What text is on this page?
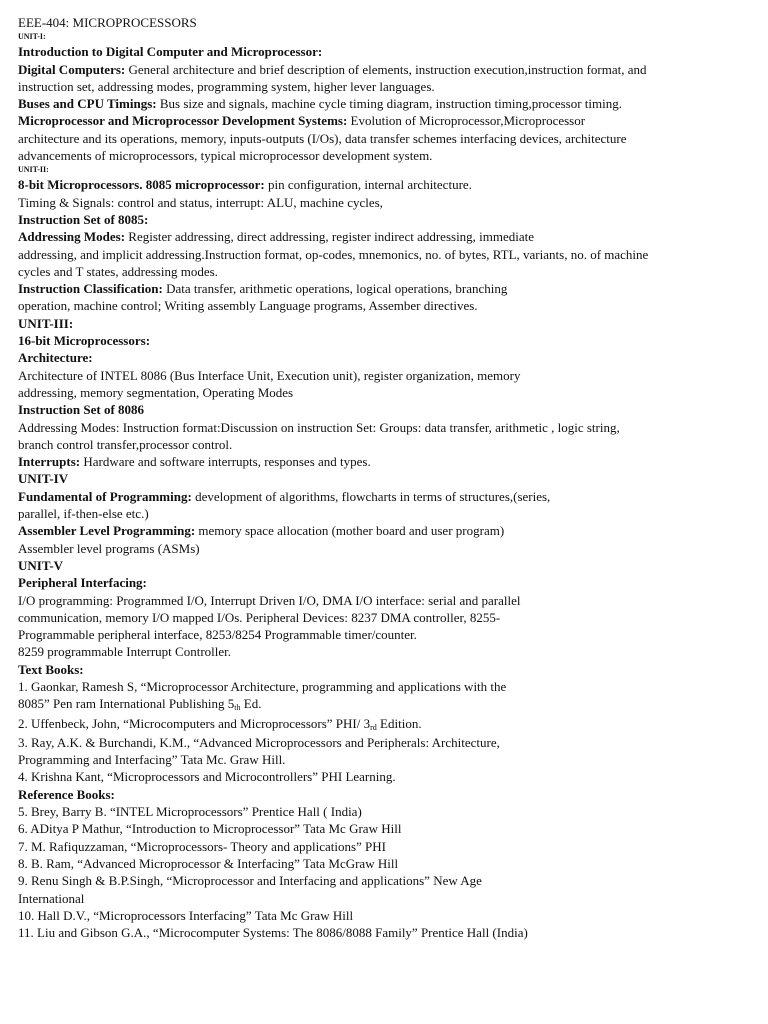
EEE-404: MICROPROCESSORS

UNIT-I:

Introduction to Digital Computer and Microprocessor:

Digital Computers: General architecture and brief description of elements, instruction execution,instruction format, and

instruction set, addressing modes, programming system, higher lever languages.

Buses and CPU Timings: Bus size and signals, machine cycle timing diagram, instruction timing,processor timing.

Microprocessor and Microprocessor Development Systems: Evolution of Microprocessor,Microprocessor

architecture and its operations, memory, inputs-outputs (I/Os), data transfer schemes interfacing devices, architecture

advancements of microprocessors, typical microprocessor development system.

UNIT-II:

8-bit Microprocessors. 8085 microprocessor: pin configuration, internal architecture.

Timing & Signals: control and status, interrupt: ALU, machine cycles,

Instruction Set of 8085:

Addressing Modes: Register addressing, direct addressing, register indirect addressing, immediate

addressing, and implicit addressing.Instruction format, op-codes, mnemonics, no. of bytes, RTL, variants, no. of machine

cycles and T states, addressing modes.

Instruction Classification: Data transfer, arithmetic operations, logical operations, branching

operation, machine control; Writing assembly Language programs, Assember directives.

UNIT-III:

16-bit Microprocessors:

Architecture:

Architecture of INTEL 8086 (Bus Interface Unit, Execution unit), register organization, memory

addressing, memory segmentation, Operating Modes

Instruction Set of 8086

Addressing Modes: Instruction format:Discussion on instruction Set: Groups: data transfer, arithmetic , logic string,

branch control transfer,processor control.

Interrupts: Hardware and software interrupts, responses and types.

UNIT-IV

Fundamental of Programming: development of algorithms, flowcharts in terms of structures,(series,

parallel, if-then-else etc.)

Assembler Level Programming: memory space allocation (mother board and user program)

Assembler level programs (ASMs)

UNIT-V

Peripheral Interfacing:

I/O programming: Programmed I/O, Interrupt Driven I/O, DMA I/O interface: serial and parallel

communication, memory I/O mapped I/Os. Peripheral Devices: 8237 DMA controller, 8255-

Programmable peripheral interface, 8253/8254 Programmable timer/counter.

8259 programmable Interrupt Controller.

Text Books:

1. Gaonkar, Ramesh S, “Microprocessor Architecture, programming and applications with the

8085” Pen ram International Publishing $5_{th}$ Ed.

2. Uffenbeck, John, “Microcomputers and Microprocessors” PHI/ $3_{rd}$ Edition.

3. Ray, A.K. & Burchandi, K.M., “Advanced Microprocessors and Peripherals: Architecture,

Programming and Interfacing” Tata Mc. Graw Hill.

4. Krishna Kant, “Microprocessors and Microcontrollers” PHI Learning.

Reference Books:

5. Brey, Barry B. “INTEL Microprocessors” Prentice Hall ( India)

6. ADitya P Mathur, “Introduction to Microprocessor” Tata Mc Graw Hill

7. M. Rafiquzzaman, “Microprocessors- Theory and applications” PHI

8. B. Ram, “Advanced Microprocessor & Interfacing” Tata McGraw Hill

9. Renu Singh & B.P.Singh, “Microprocessor and Interfacing and applications” New Age

International

10. Hall D.V., “Microprocessors Interfacing” Tata Mc Graw Hill

11. Liu and Gibson G.A., “Microcomputer Systems: The 8086/8088 Family” Prentice Hall (India)
